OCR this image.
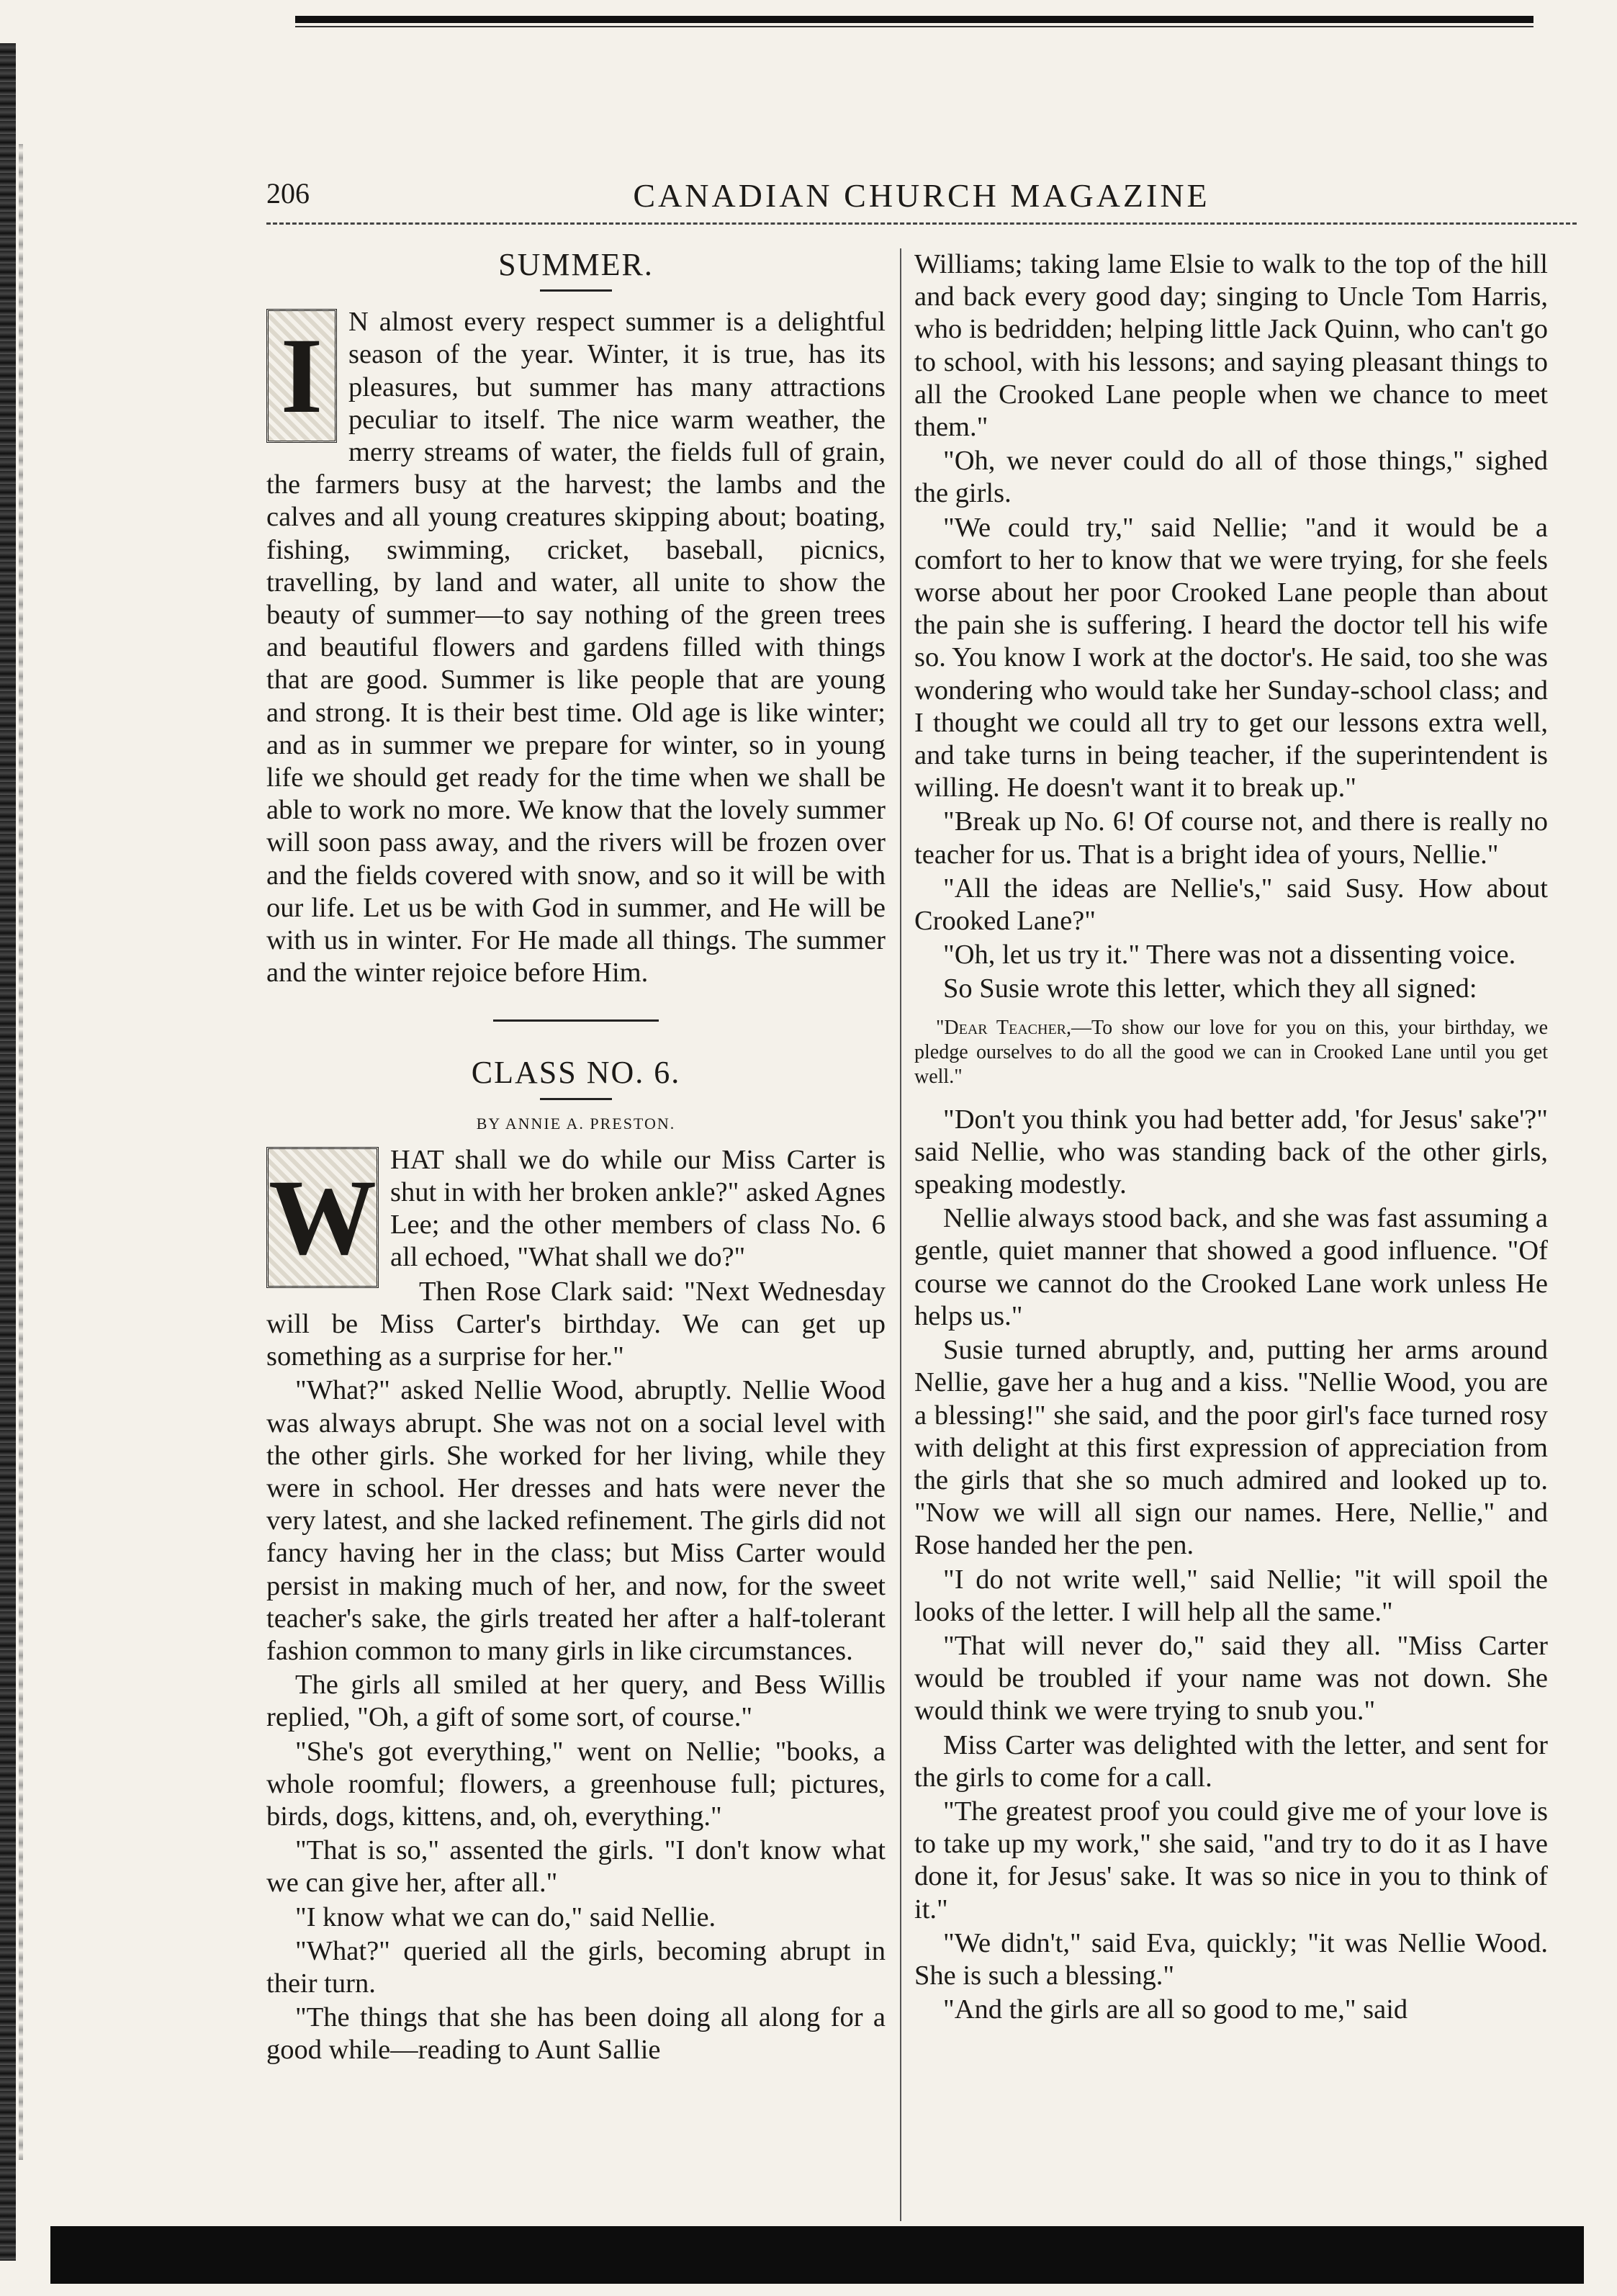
206	CANADIAN CHURCH MAGAZINE
SUMMER.
I N almost every respect summer is a delightful season of the year. Winter, it is true, has its pleasures, but summer has many attractions peculiar to itself. The nice warm weather, the merry streams of water, the fields full of grain, the farmers busy at the harvest; the lambs and the calves and all young creatures skipping about; boating, fishing, swimming, cricket, baseball, picnics, travelling, by land and water, all unite to show the beauty of summer—to say nothing of the green trees and beautiful flowers and gardens filled with things that are good. Summer is like people that are young and strong. It is their best time. Old age is like winter; and as in summer we prepare for winter, so in young life we should get ready for the time when we shall be able to work no more. We know that the lovely summer will soon pass away, and the rivers will be frozen over and the fields covered with snow, and so it will be with our life. Let us be with God in summer, and He will be with us in winter. For He made all things. The summer and the winter rejoice before Him.

CLASS NO. 6.
BY ANNIE A. PRESTON.
W HAT shall we do while our Miss Carter is shut in with her broken ankle?" asked Agnes Lee; and the other members of class No. 6 all echoed, "What shall we do?"

Then Rose Clark said: "Next Wednesday will be Miss Carter's birthday. We can get up something as a surprise for her."

"What?" asked Nellie Wood, abruptly. Nellie Wood was always abrupt. She was not on a social level with the other girls. She worked for her living, while they were in school. Her dresses and hats were never the very latest, and she lacked refinement. The girls did not fancy having her in the class; but Miss Carter would persist in making much of her, and now, for the sweet teacher's sake, the girls treated her after a half-tolerant fashion common to many girls in like circumstances.

The girls all smiled at her query, and Bess Willis replied, "Oh, a gift of some sort, of course."

"She's got everything," went on Nellie; "books, a whole roomful; flowers, a greenhouse full; pictures, birds, dogs, kittens, and, oh, everything."

"That is so," assented the girls. "I don't know what we can give her, after all."

"I know what we can do," said Nellie.

"What?" queried all the girls, becoming abrupt in their turn.

"The things that she has been doing all along for a good while—reading to Aunt Sallie

Williams; taking lame Elsie to walk to the top of the hill and back every good day; singing to Uncle Tom Harris, who is bedridden; helping little Jack Quinn, who can't go to school, with his lessons; and saying pleasant things to all the Crooked Lane people when we chance to meet them."

"Oh, we never could do all of those things," sighed the girls.

"We could try," said Nellie; "and it would be a comfort to her to know that we were trying, for she feels worse about her poor Crooked Lane people than about the pain she is suffering. I heard the doctor tell his wife so. You know I work at the doctor's. He said, too she was wondering who would take her Sunday-school class; and I thought we could all try to get our lessons extra well, and take turns in being teacher, if the superintendent is willing. He doesn't want it to break up."

"Break up No. 6! Of course not, and there is really no teacher for us. That is a bright idea of yours, Nellie."

"All the ideas are Nellie's," said Susy. How about Crooked Lane?"

"Oh, let us try it." There was not a dissenting voice.

So Susie wrote this letter, which they all signed:

"Dear Teacher,—To show our love for you on this, your birthday, we pledge ourselves to do all the good we can in Crooked Lane until you get well."

"Don't you think you had better add, 'for Jesus' sake'?" said Nellie, who was standing back of the other girls, speaking modestly.

Nellie always stood back, and she was fast assuming a gentle, quiet manner that showed a good influence. "Of course we cannot do the Crooked Lane work unless He helps us."

Susie turned abruptly, and, putting her arms around Nellie, gave her a hug and a kiss. "Nellie Wood, you are a blessing!" she said, and the poor girl's face turned rosy with delight at this first expression of appreciation from the girls that she so much admired and looked up to. "Now we will all sign our names. Here, Nellie," and Rose handed her the pen.

"I do not write well," said Nellie; "it will spoil the looks of the letter. I will help all the same."

"That will never do," said they all. "Miss Carter would be troubled if your name was not down. She would think we were trying to snub you."

Miss Carter was delighted with the letter, and sent for the girls to come for a call.

"The greatest proof you could give me of your love is to take up my work," she said, "and try to do it as I have done it, for Jesus' sake. It was so nice in you to think of it."

"We didn't," said Eva, quickly; "it was Nellie Wood. She is such a blessing."

"And the girls are all so good to me," said
